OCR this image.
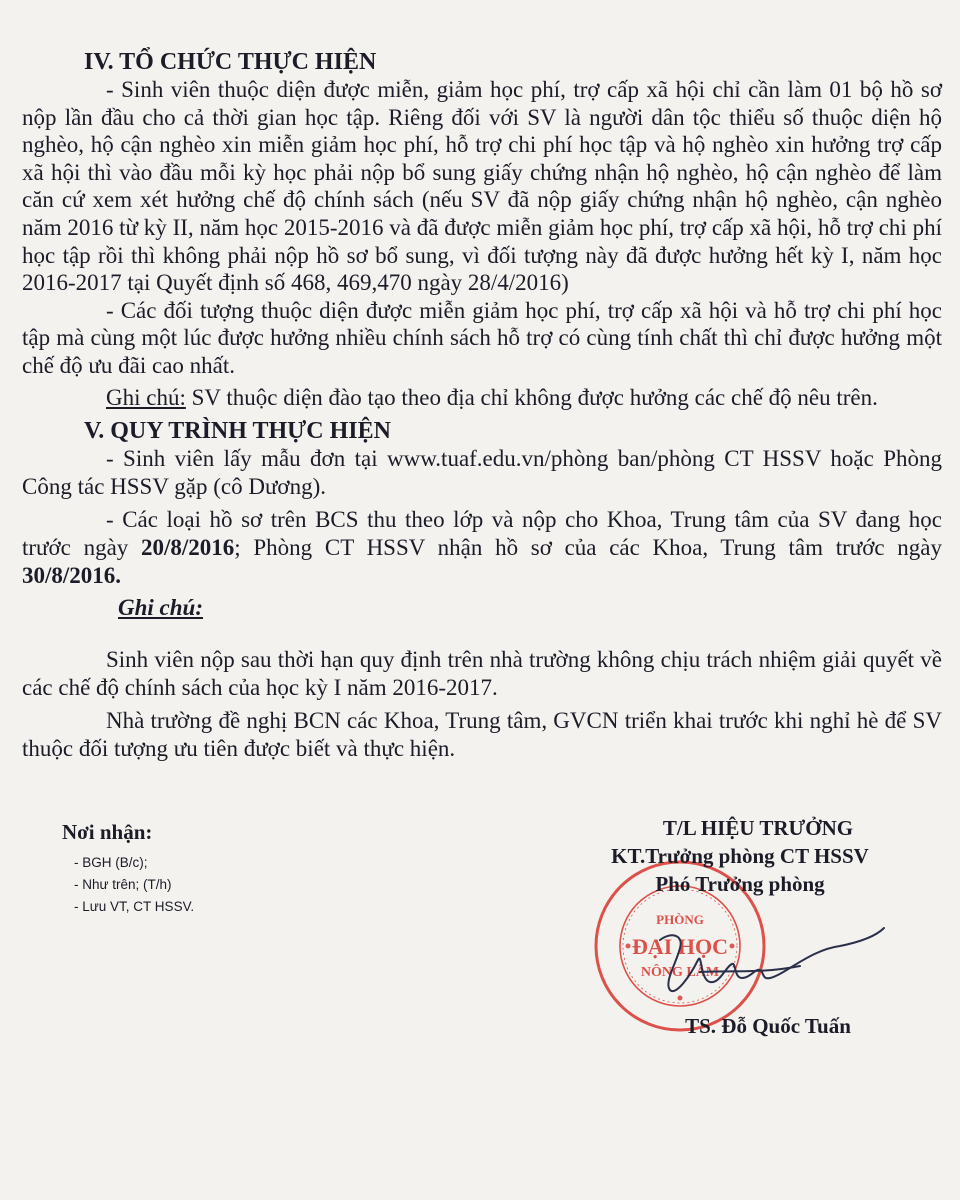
IV. TỔ CHỨC THỰC HIỆN

- Sinh viên thuộc diện được miễn, giảm học phí, trợ cấp xã hội chỉ cần làm 01 bộ hồ sơ nộp lần đầu cho cả thời gian học tập. Riêng đối với SV là người dân tộc thiểu số thuộc diện hộ nghèo, hộ cận nghèo xin miễn giảm học phí, hỗ trợ chi phí học tập và hộ nghèo xin hưởng trợ cấp xã hội thì vào đầu mỗi kỳ học phải nộp bổ sung giấy chứng nhận hộ nghèo, hộ cận nghèo để làm căn cứ xem xét hưởng chế độ chính sách (nếu SV đã nộp giấy chứng nhận hộ nghèo, cận nghèo năm 2016 từ kỳ II, năm học 2015-2016 và đã được miễn giảm học phí, trợ cấp xã hội, hỗ trợ chi phí học tập rồi thì không phải nộp hồ sơ bổ sung, vì đối tượng này đã được hưởng hết kỳ I, năm học 2016-2017 tại Quyết định số 468, 469,470 ngày 28/4/2016)

- Các đối tượng thuộc diện được miễn giảm học phí, trợ cấp xã hội và hỗ trợ chi phí học tập mà cùng một lúc được hưởng nhiều chính sách hỗ trợ có cùng tính chất thì chỉ được hưởng một chế độ ưu đãi cao nhất.

Ghi chú: SV thuộc diện đào tạo theo địa chỉ không được hưởng các chế độ nêu trên.

V. QUY TRÌNH THỰC HIỆN

- Sinh viên lấy mẫu đơn tại www.tuaf.edu.vn/phòng ban/phòng CT HSSV hoặc Phòng Công tác HSSV gặp (cô Dương).

- Các loại hồ sơ trên BCS thu theo lớp và nộp cho Khoa, Trung tâm của SV đang học trước ngày 20/8/2016; Phòng CT HSSV nhận hồ sơ của các Khoa, Trung tâm trước ngày 30/8/2016.

Ghi chú:

Sinh viên nộp sau thời hạn quy định trên nhà trường không chịu trách nhiệm giải quyết về các chế độ chính sách của học kỳ I năm 2016-2017.

Nhà trường đề nghị BCN các Khoa, Trung tâm, GVCN triển khai trước khi nghỉ hè để SV thuộc đối tượng ưu tiên được biết và thực hiện.

Nơi nhận:
- BGH (B/c);
- Như trên; (T/h)
- Lưu VT, CT HSSV.
PHÒNG
ĐẠI HỌC
NÔNG LÂM
T/L HIỆU TRƯỞNG
KT.Trưởng phòng CT HSSV
Phó Trưởng phòng
TS. Đỗ Quốc Tuấn
